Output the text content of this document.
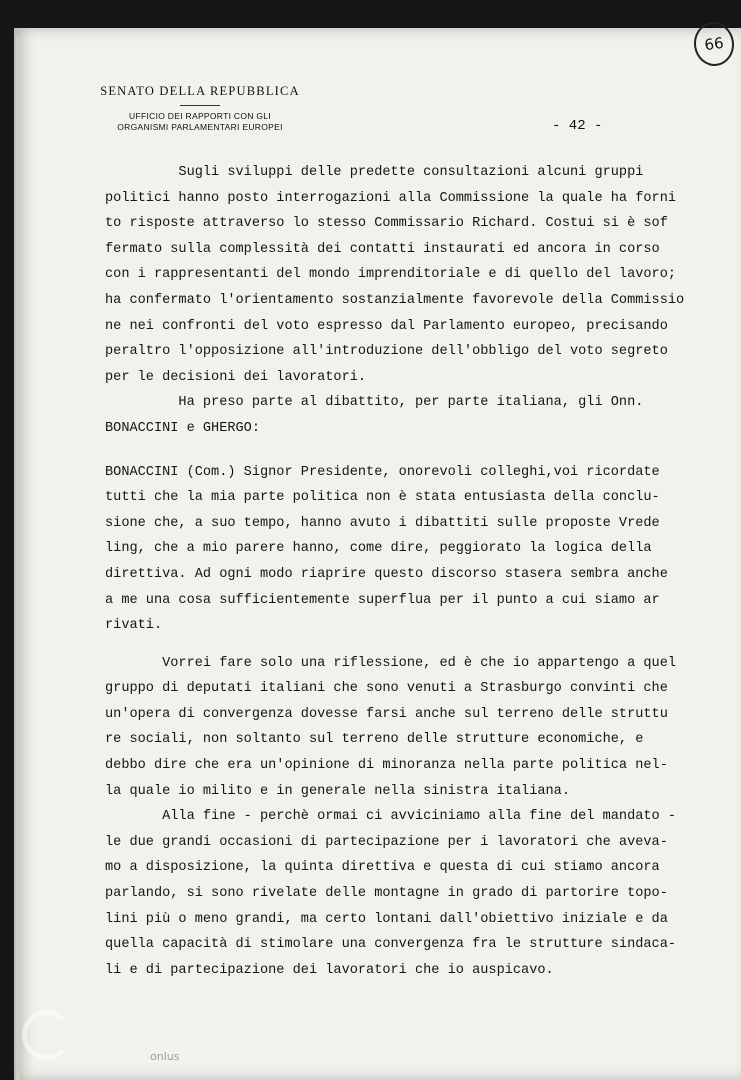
66

SENATO DELLA REPUBBLICA

UFFICIO DEI RAPPORTI CON GLI
ORGANISMI PARLAMENTARI EUROPEI	- 42 -

Sugli sviluppi delle predette consultazioni alcuni gruppi

politici hanno posto interrogazioni alla Commissione la quale ha forni

to risposte attraverso lo stesso Commissario Richard. Costui si è sof

fermato sulla complessità dei contatti instaurati ed ancora in corso

con i rappresentanti del mondo imprenditoriale e di quello del lavoro;

ha confermato l'orientamento sostanzialmente favorevole della Commissio

ne nei confronti del voto espresso dal Parlamento europeo, precisando

peraltro l'opposizione all'introduzione dell'obbligo del voto segreto

per le decisioni dei lavoratori.

Ha preso parte al dibattito, per parte italiana, gli Onn.

BONACCINI e GHERGO:

BONACCINI (Com.) Signor Presidente, onorevoli colleghi,voi ricordate

tutti che la mia parte politica non è stata entusiasta della conclu-

sione che, a suo tempo, hanno avuto i dibattiti sulle proposte Vrede

ling, che a mio parere hanno, come dire, peggiorato la logica della

direttiva. Ad ogni modo riaprire questo discorso stasera sembra anche

a me una cosa sufficientemente superflua per il punto a cui siamo ar

rivati.

Vorrei fare solo una riflessione, ed è che io appartengo a quel

gruppo di deputati italiani che sono venuti a Strasburgo convinti che

un'opera di convergenza dovesse farsi anche sul terreno delle struttu

re sociali, non soltanto sul terreno delle strutture economiche, e

debbo dire che era un'opinione di minoranza nella parte politica nel-

la quale io milito e in generale nella sinistra italiana.

Alla fine - perchè ormai ci avviciniamo alla fine del mandato -

le due grandi occasioni di partecipazione per i lavoratori che aveva-

mo a disposizione, la quinta direttiva e questa di cui stiamo ancora

parlando, si sono rivelate delle montagne in grado di partorire topo-

lini più o meno grandi, ma certo lontani dall'obiettivo iniziale e da

quella capacità di stimolare una convergenza fra le strutture sindaca-

li e di partecipazione dei lavoratori che io auspicavo.

onlus
